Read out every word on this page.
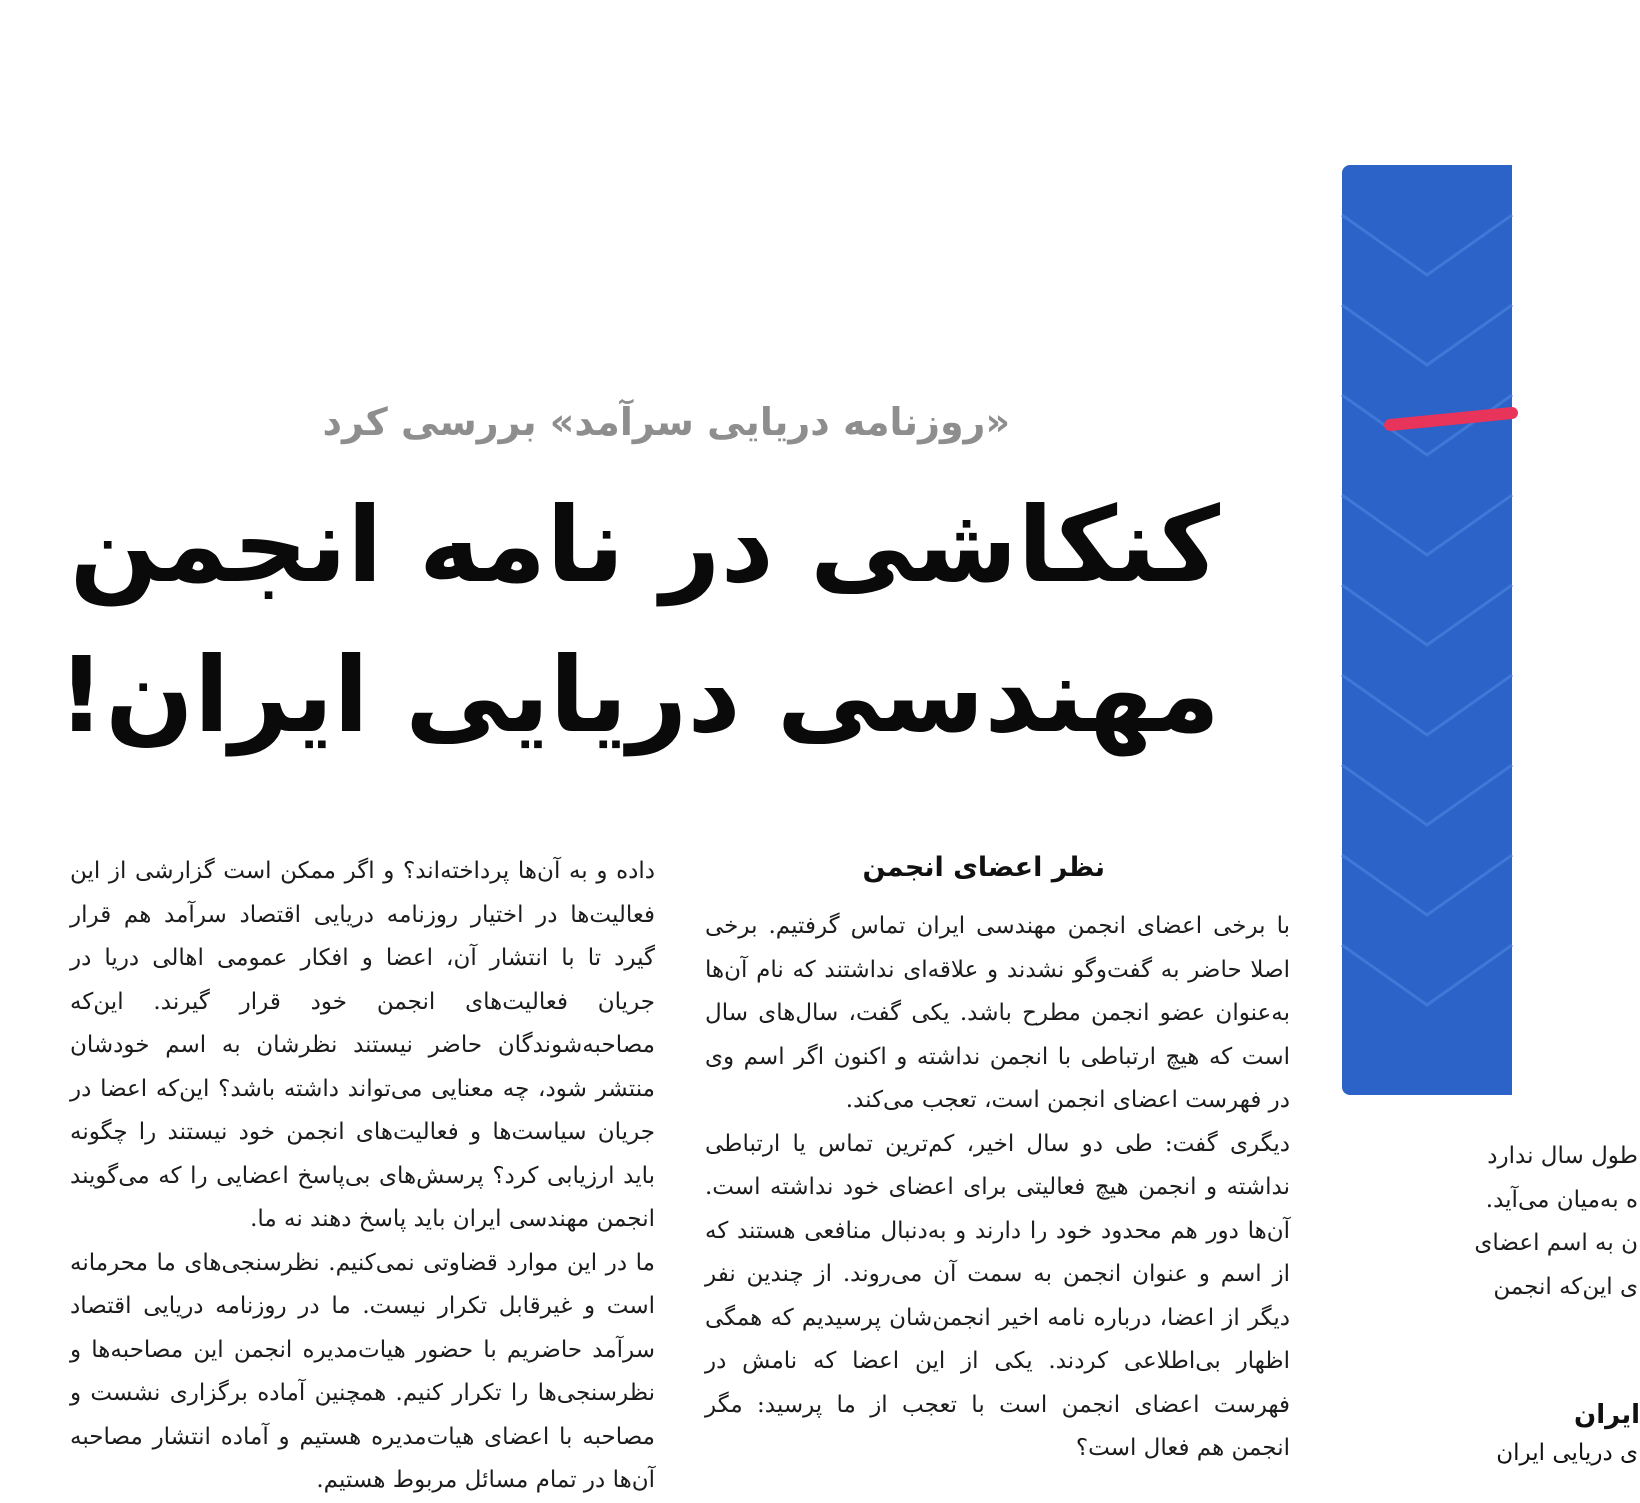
«روزنامه دریایی سرآمد» بررسی کرد
کنکاشی در نامه انجمن
مهندسی دریایی ایران!
نظر اعضای انجمن

با برخی اعضای انجمن مهندسی ایران تماس گرفتیم. برخی اصلا حاضر به گفت‌وگو نشدند و علاقه‌ای نداشتند که نام آن‌ها به‌عنوان عضو انجمن مطرح باشد. یکی گفت، سال‌های سال است که هیچ ارتباطی با انجمن نداشته و اکنون اگر اسم وی در فهرست اعضای انجمن است، تعجب می‌کند.

دیگری گفت: طی دو سال اخیر، کم‌ترین تماس یا ارتباطی نداشته و انجمن هیچ فعالیتی برای اعضای خود نداشته است. آن‌ها دور هم محدود خود را دارند و به‌دنبال منافعی هستند که از اسم و عنوان انجمن به سمت آن می‌روند. از چندین نفر دیگر از اعضا، درباره نامه اخیر انجمن‌شان پرسیدیم که همگی اظهار بی‌اطلاعی کردند. یکی از این اعضا که نامش در فهرست اعضای انجمن است با تعجب از ما پرسید: مگر انجمن هم فعال است؟

داده و به آن‌ها پرداخته‌اند؟ و اگر ممکن است گزارشی از این فعالیت‌ها در اختیار روزنامه دریایی اقتصاد سرآمد هم قرار گیرد تا با انتشار آن، اعضا و افکار عمومی اهالی دریا در جریان فعالیت‌های انجمن خود قرار گیرند. این‌که مصاحبه‌شوندگان حاضر نیستند نظرشان به اسم خودشان منتشر شود، چه معنایی می‌تواند داشته باشد؟ این‌که اعضا در جریان سیاست‌ها و فعالیت‌های انجمن خود نیستند را چگونه باید ارزیابی کرد؟ پرسش‌های بی‌پاسخ اعضایی را که می‌گویند انجمن مهندسی ایران باید پاسخ دهند نه ما.

ما در این موارد قضاوتی نمی‌کنیم. نظرسنجی‌های ما محرمانه است و غیرقابل تکرار نیست. ما در روزنامه دریایی اقتصاد سرآمد حاضریم با حضور هیات‌مدیره انجمن این مصاحبه‌ها و نظرسنجی‌ها را تکرار کنیم. همچنین آماده برگزاری نشست و مصاحبه با اعضای هیات‌مدیره هستیم و آماده انتشار مصاحبه آن‌ها در تمام مسائل مربوط هستیم.

طول سال ندارد
ه به‌میان می‌آید.
ن به اسم اعضای
ی این‌که انجمن
ایران
ی دریایی ایران
